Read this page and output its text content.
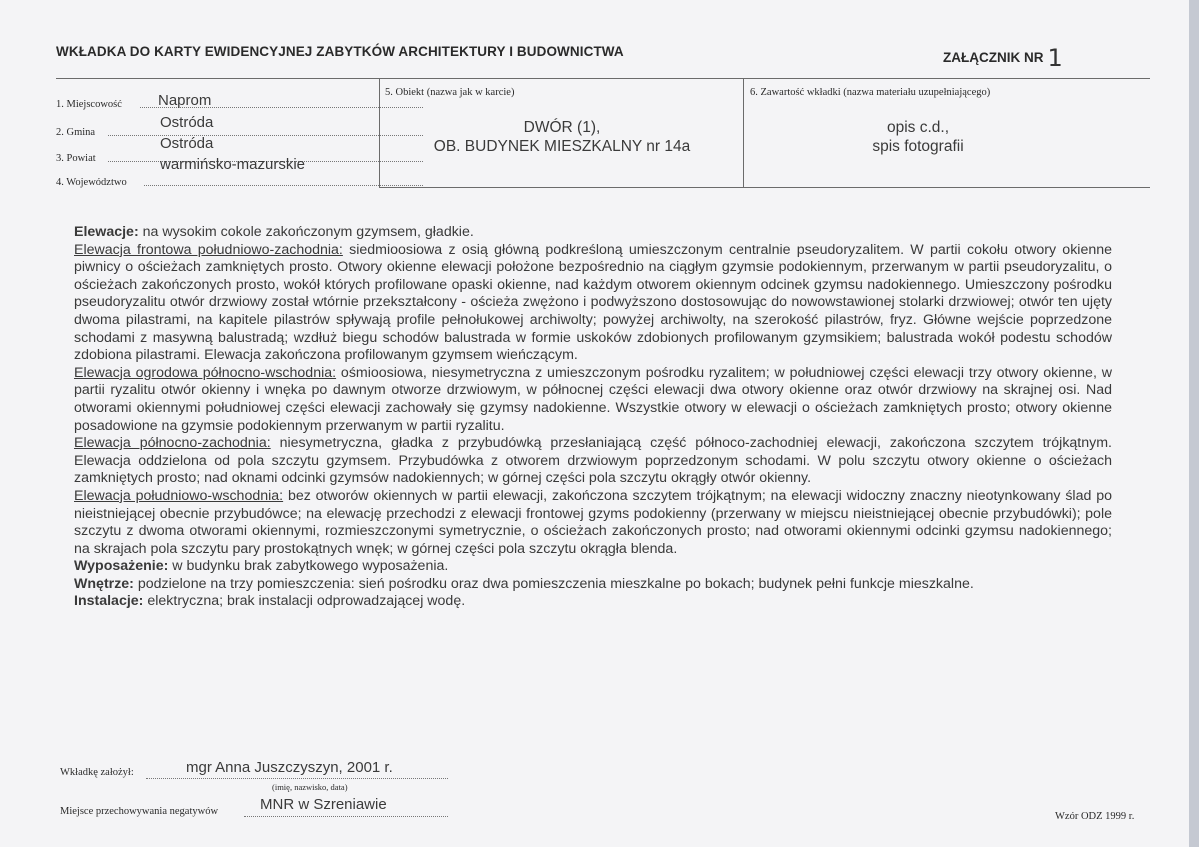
WKŁADKA DO KARTY EWIDENCYJNEJ ZABYTKÓW ARCHITEKTURY I BUDOWNICTWA	ZAŁĄCZNIK NR 1
1. Miejscowość Naprom
2. Gmina
Ostróda
3. Powiat
Ostróda
4. Województwo
warmińsko-mazurskie
5. Obiekt (nazwa jak w karcie)
DWÓR (1),
OB. BUDYNEK MIESZKALNY nr 14a
6. Zawartość wkładki (nazwa materiału uzupełniającego)
opis c.d.,
spis fotografii

Elewacje: na wysokim cokole zakończonym gzymsem, gładkie.

Elewacja frontowa południowo-zachodnia: siedmioosiowa z osią główną podkreśloną umieszczonym centralnie pseudoryzalitem. W partii cokołu otwory okienne piwnicy o ościeżach zamkniętych prosto. Otwory okienne elewacji położone bezpośrednio na ciągłym gzymsie podokiennym, przerwanym w partii pseudoryzalitu, o ościeżach zakończonych prosto, wokół których profilowane opaski okienne, nad każdym otworem okiennym odcinek gzymsu nadokiennego. Umieszczony pośrodku pseudoryzalitu otwór drzwiowy został wtórnie przekształcony - ościeża zwężono i podwyższono dostosowując do nowowstawionej stolarki drzwiowej; otwór ten ujęty dwoma pilastrami, na kapitele pilastrów spływają profile pełnołukowej archiwolty; powyżej archiwolty, na szerokość pilastrów, fryz. Główne wejście poprzedzone schodami z masywną balustradą; wzdłuż biegu schodów balustrada w formie uskoków zdobionych profilowanym gzymsikiem; balustrada wokół podestu schodów zdobiona pilastrami. Elewacja zakończona profilowanym gzymsem wieńczącym.

Elewacja ogrodowa północno-wschodnia: ośmioosiowa, niesymetryczna z umieszczonym pośrodku ryzalitem; w południowej części elewacji trzy otwory okienne, w partii ryzalitu otwór okienny i wnęka po dawnym otworze drzwiowym, w północnej części elewacji dwa otwory okienne oraz otwór drzwiowy na skrajnej osi. Nad otworami okiennymi południowej części elewacji zachowały się gzymsy nadokienne. Wszystkie otwory w elewacji o ościeżach zamkniętych prosto; otwory okienne posadowione na gzymsie podokiennym przerwanym w partii ryzalitu.

Elewacja północno-zachodnia: niesymetryczna, gładka z przybudówką przesłaniającą część północo-zachodniej elewacji, zakończona szczytem trójkątnym. Elewacja oddzielona od pola szczytu gzymsem. Przybudówka z otworem drzwiowym poprzedzonym schodami. W polu szczytu otwory okienne o ościeżach zamkniętych prosto; nad oknami odcinki gzymsów nadokiennych; w górnej części pola szczytu okrągły otwór okienny.

Elewacja południowo-wschodnia: bez otworów okiennych w partii elewacji, zakończona szczytem trójkątnym; na elewacji widoczny znaczny nieotynkowany ślad po nieistniejącej obecnie przybudówce; na elewację przechodzi z elewacji frontowej gzyms podokienny (przerwany w miejscu nieistniejącej obecnie przybudówki); pole szczytu z dwoma otworami okiennymi, rozmieszczonymi symetrycznie, o ościeżach zakończonych prosto; nad otworami okiennymi odcinki gzymsu nadokiennego; na skrajach pola szczytu pary prostokątnych wnęk; w górnej części pola szczytu okrągła blenda.

Wyposażenie: w budynku brak zabytkowego wyposażenia.

Wnętrze: podzielone na trzy pomieszczenia: sień pośrodku oraz dwa pomieszczenia mieszkalne po bokach; budynek pełni funkcje mieszkalne.

Instalacje: elektryczna; brak instalacji odprowadzającej wodę.

Wkładkę założył:	mgr Anna Juszczyszyn, 2001 r.
(imię, nazwisko, data)
Miejsce przechowywania negatywów	MNR w Szreniawie
Wzór ODZ 1999 r.
